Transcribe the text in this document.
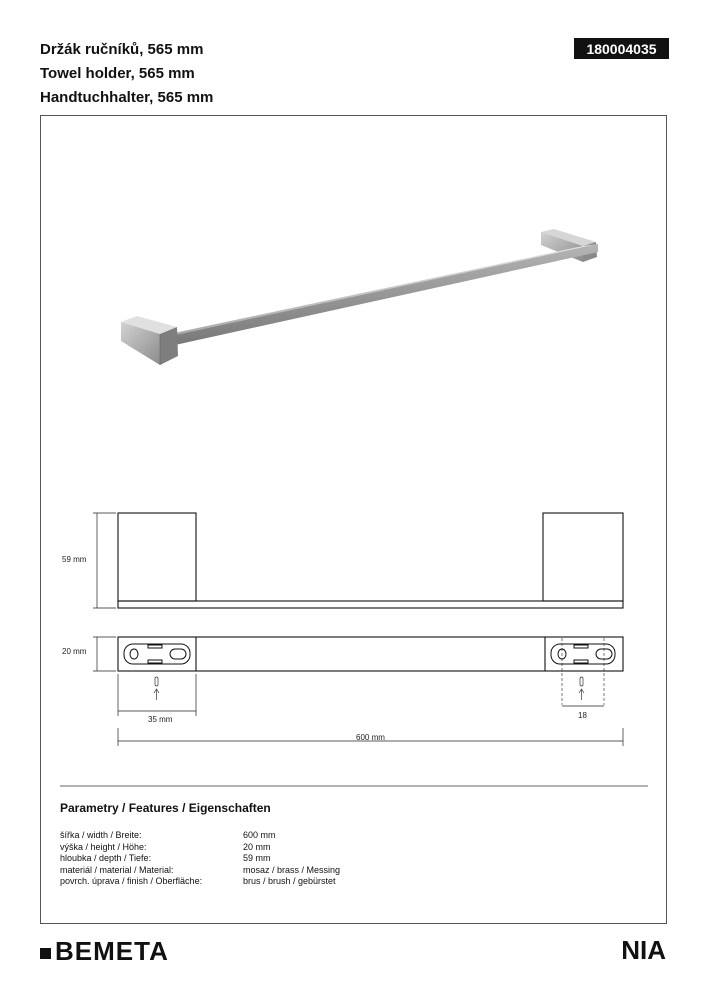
Držák ručníků, 565 mm
Towel holder, 565 mm
Handtuchhalter, 565 mm
180004035
59 mm
20 mm
35 mm	18
600 mm
Parametry / Features / Eigenschaften
šířka / width / Breite:	600 mm
výška / height / Höhe:	20 mm
hloubka / depth / Tiefe:	59 mm
materiál / material / Material:	mosaz / brass / Messing
povrch. úprava / finish / Oberfläche:	brus / brush / gebürstet
BEMETA	NIA
